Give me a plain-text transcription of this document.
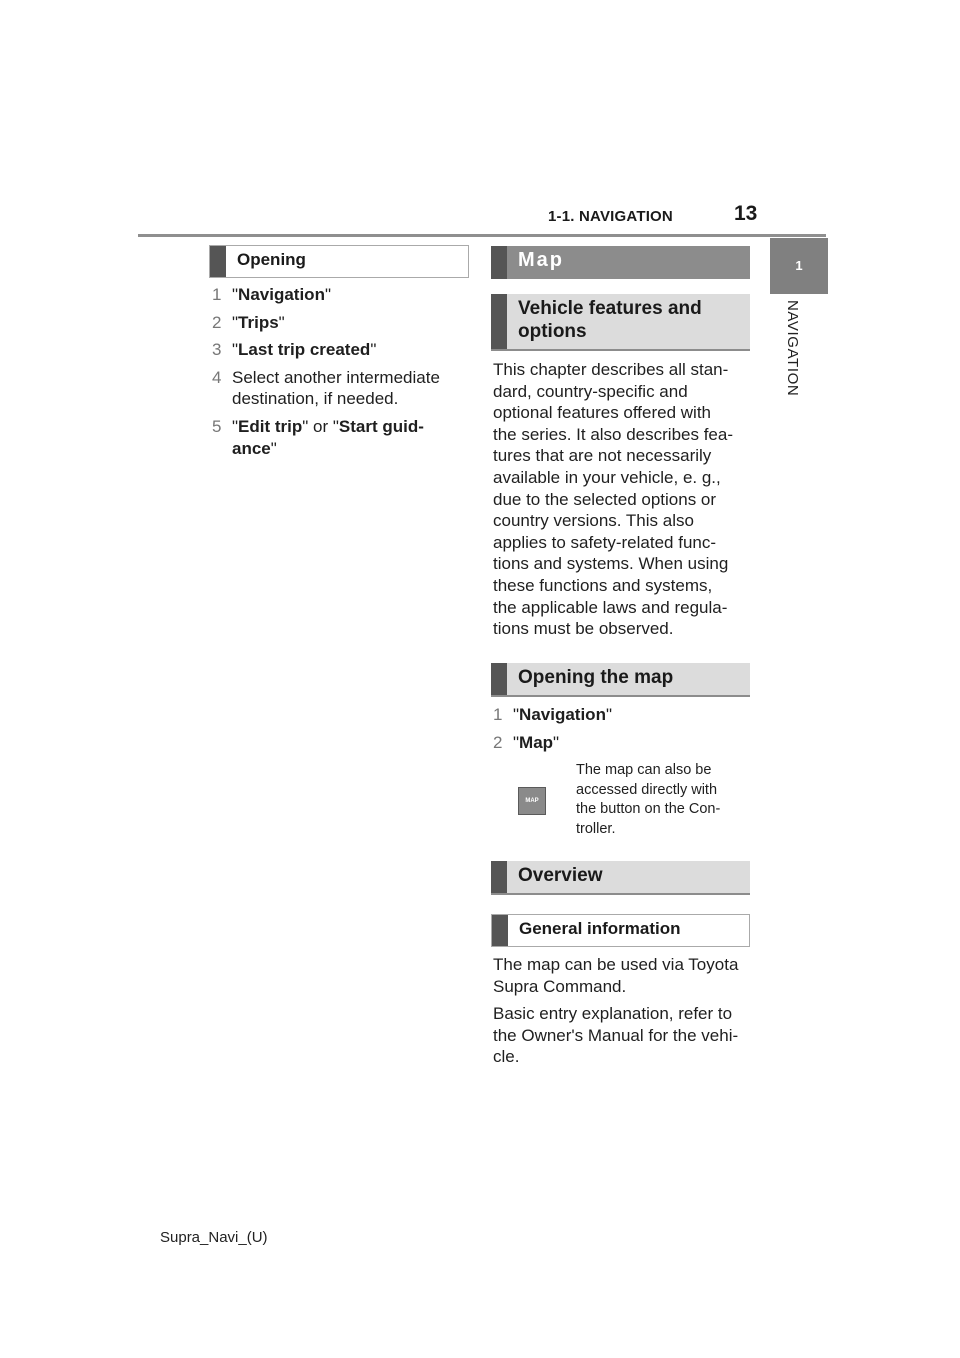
1-1. NAVIGATION	13
1
NAVIGATION
Opening
1 "Navigation"
2 "Trips"
3 "Last trip created"
4 Select another intermediate
destination, if needed.
5 "Edit trip" or "Start guid-
ance"
Map
Vehicle features and
options
This chapter describes all stan-
dard, country-specific and
optional features offered with
the series. It also describes fea-
tures that are not necessarily
available in your vehicle, e. g.,
due to the selected options or
country versions. This also
applies to safety-related func-
tions and systems. When using
these functions and systems,
the applicable laws and regula-
tions must be observed.
Opening the map
1 "Navigation"
2 "Map"
MAP
The map can also be
accessed directly with
the button on the Con-
troller.
Overview
General information
The map can be used via Toyota
Supra Command.
Basic entry explanation, refer to
the Owner's Manual for the vehi-
cle.
Supra_Navi_(U)
